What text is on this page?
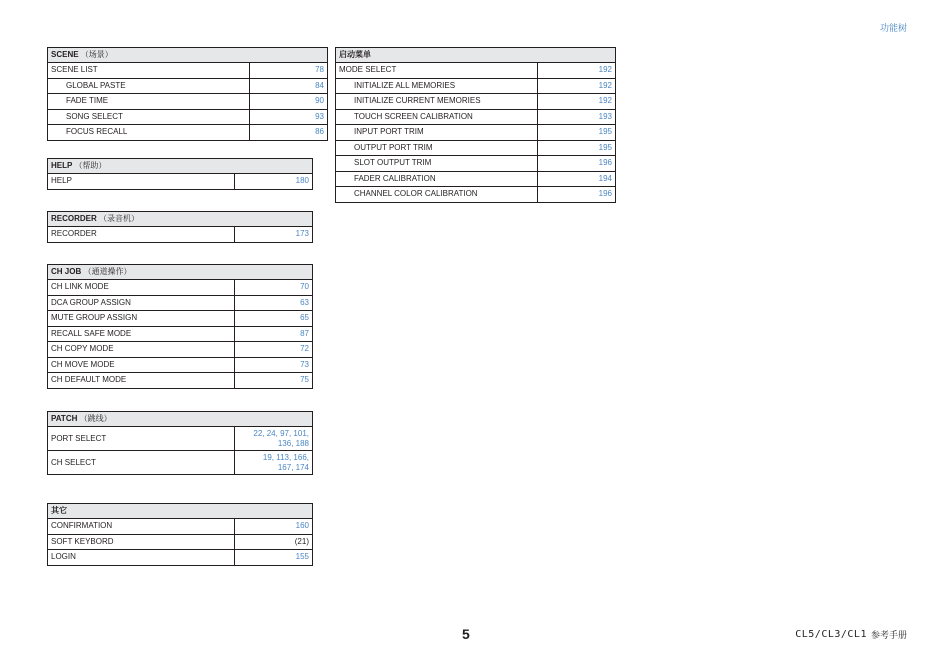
功能树
SCENE （场景）	
SCENE LIST	78
GLOBAL PASTE	84
FADE TIME	90
SONG SELECT	93
FOCUS RECALL	86
HELP （帮助）
HELP	180
RECORDER （录音机）
RECORDER	173
CH JOB （通道操作）	
CH LINK MODE	70
DCA GROUP ASSIGN	63
MUTE GROUP ASSIGN	65
RECALL SAFE MODE	87
CH COPY MODE	72
CH MOVE MODE	73
CH DEFAULT MODE	75
PATCH （跳线）	
PORT SELECT	22, 24, 97, 101,
136, 188

CH SELECT	19, 113, 166,
167, 174
其它	
CONFIRMATION	160
SOFT KEYBORD	(21)
LOGIN	155
启动菜单	
MODE SELECT	192
INITIALIZE ALL MEMORIES	192
INITIALIZE CURRENT MEMORIES	192
TOUCH SCREEN CALIBRATION	193
INPUT PORT TRIM	195
OUTPUT PORT TRIM	195
SLOT OUTPUT TRIM	196
FADER CALIBRATION	194
CHANNEL COLOR CALIBRATION	196
5	CL5/CL3/CL1 参考手册
